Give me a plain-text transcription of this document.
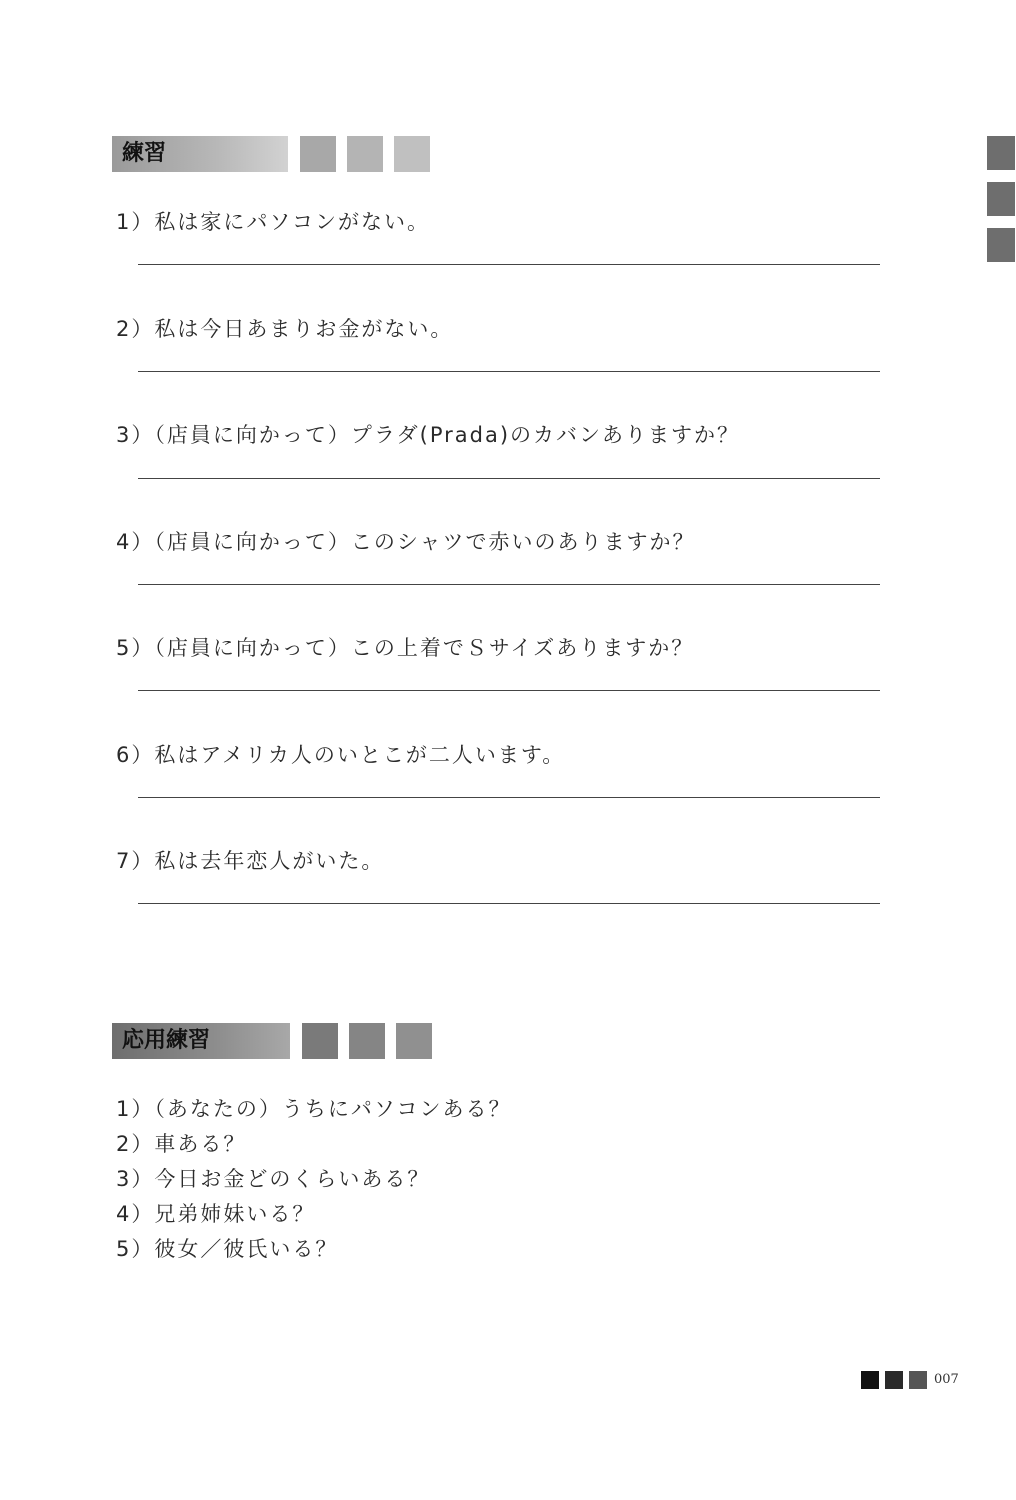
練習
1）私は家にパソコンがない。
2）私は今日あまりお金がない。
3）（店員に向かって）プラダ(Prada)のカバンありますか？
4）（店員に向かって）このシャツで赤いのありますか？
5）（店員に向かって）この上着でＳサイズありますか？
6）私はアメリカ人のいとこが二人います。
7）私は去年恋人がいた。
応用練習
1）（あなたの）うちにパソコンある？
2）車ある？
3）今日お金どのくらいある？
4）兄弟姉妹いる？
5）彼女／彼氏いる？
007
